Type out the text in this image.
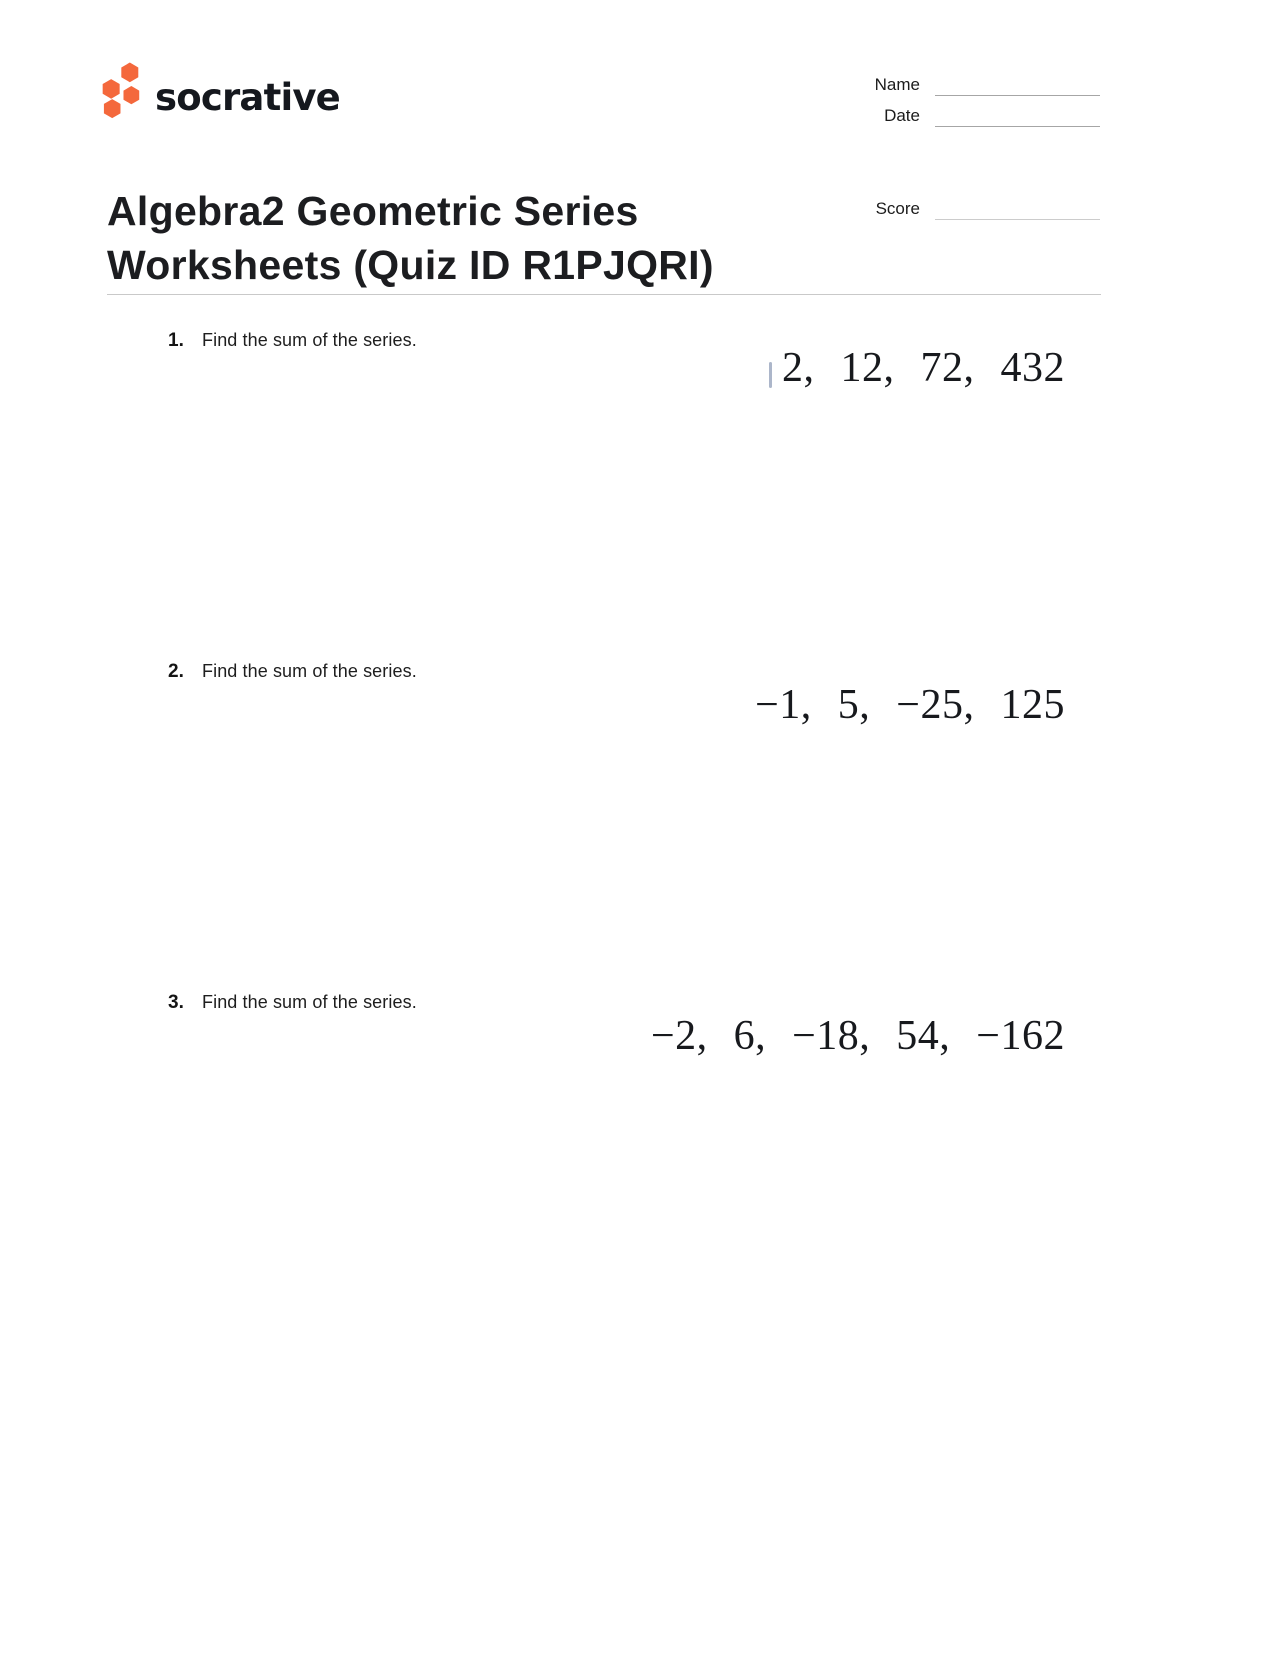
socrative	Name
Date
Algebra2 Geometric Series Worksheets (Quiz ID R1PJQRI)
Score
1.	Find the sum of the series.
2, 12, 72, 432
2.	Find the sum of the series.
−1, 5, −25, 125
3.	Find the sum of the series.
−2, 6, −18, 54, −162
